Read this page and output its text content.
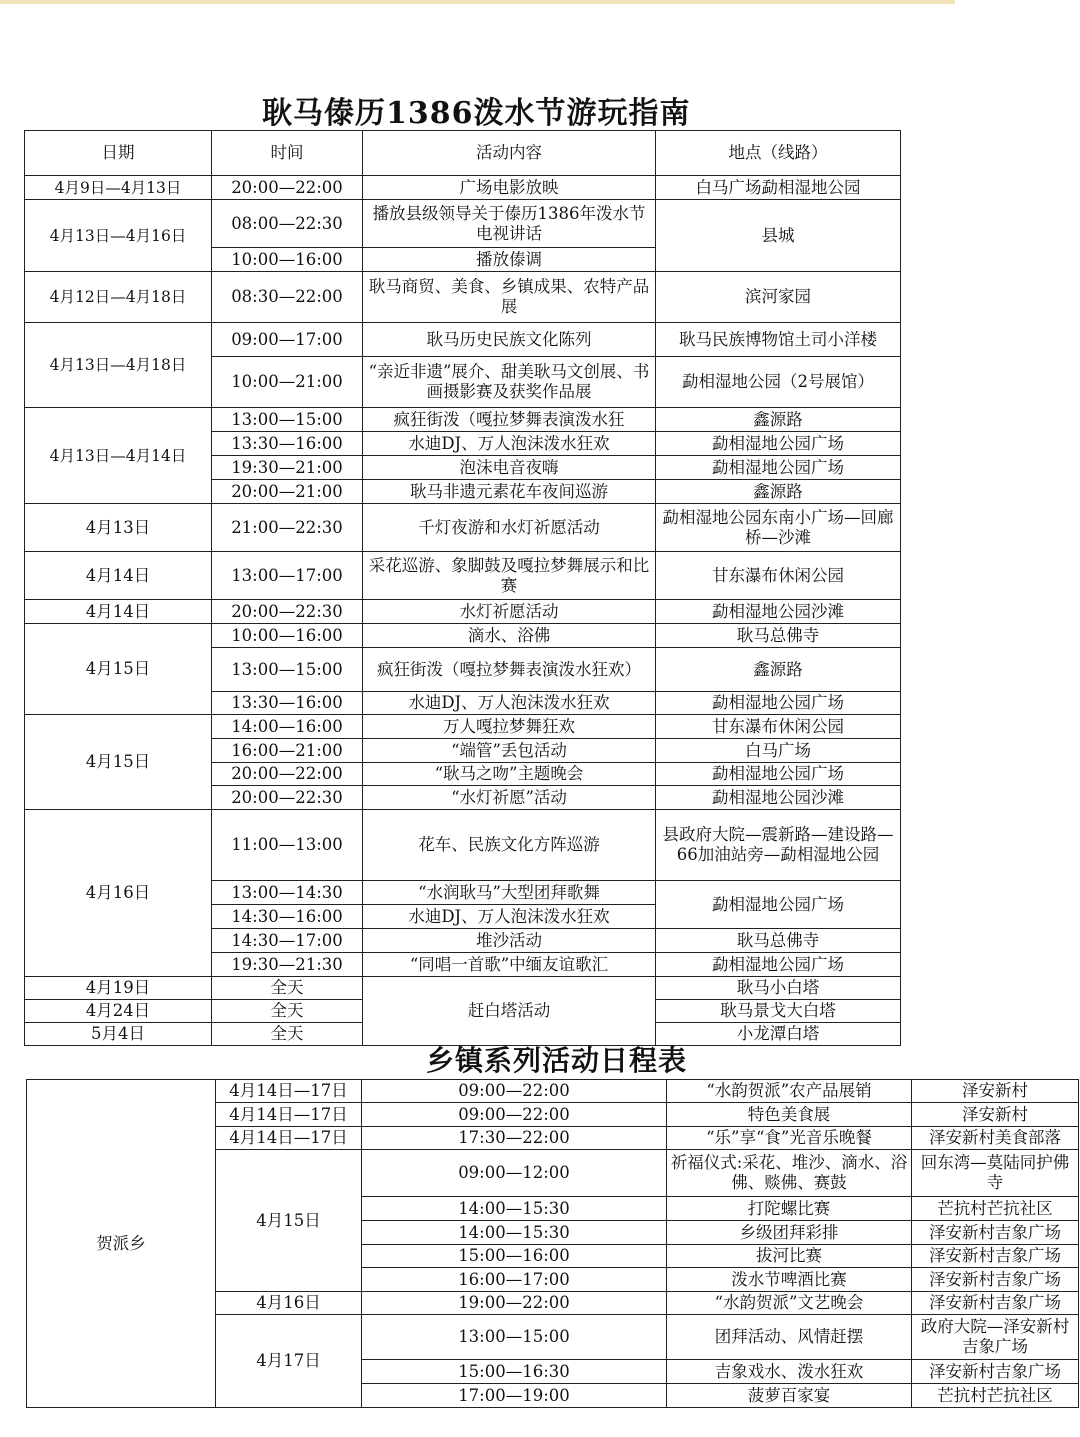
耿马傣历1386泼水节游玩指南
日期	时间	活动内容	地点（线路）
4月9日—4月13日	20:00—22:00	广场电影放映	白马广场勐相湿地公园
4月13日—4月16日	08:00—22:30	播放县级领导关于傣历1386年泼水节电视讲话	县城
	10:00—16:00	播放傣调	
4月12日—4月18日	08:30—22:00	耿马商贸、美食、乡镇成果、农特产品展	滨河家园
4月13日—4月18日	09:00—17:00	耿马历史民族文化陈列	耿马民族博物馆土司小洋楼
	10:00—21:00	“亲近非遗”展介、甜美耿马文创展、书画摄影赛及获奖作品展	勐相湿地公园（2号展馆）
4月13日—4月14日	13:00—15:00	疯狂街泼（嘎拉梦舞表演泼水狂	鑫源路
	13:30—16:00	水迪DJ、万人泡沫泼水狂欢	勐相湿地公园广场
	19:30—21:00	泡沫电音夜嗨	勐相湿地公园广场
	20:00—21:00	耿马非遗元素花车夜间巡游	鑫源路
4月13日	21:00—22:30	千灯夜游和水灯祈愿活动	勐相湿地公园东南小广场—回廊桥—沙滩
4月14日	13:00—17:00	采花巡游、象脚鼓及嘎拉梦舞展示和比赛	甘东瀑布休闲公园
4月14日	20:00—22:30	水灯祈愿活动	勐相湿地公园沙滩
4月15日	10:00—16:00	滴水、浴佛	耿马总佛寺
	13:00—15:00	疯狂街泼（嘎拉梦舞表演泼水狂欢）	鑫源路
	13:30—16:00	水迪DJ、万人泡沫泼水狂欢	勐相湿地公园广场
4月15日	14:00—16:00	万人嘎拉梦舞狂欢	甘东瀑布休闲公园
	16:00—21:00	“端管”丢包活动	白马广场
	20:00—22:00	“耿马之吻”主题晚会	勐相湿地公园广场
	20:00—22:30	“水灯祈愿”活动	勐相湿地公园沙滩
4月16日	11:00—13:00	花车、民族文化方阵巡游	县政府大院—震新路—建设路—66加油站旁—勐相湿地公园
	13:00—14:30	“水润耿马”大型团拜歌舞	勐相湿地公园广场
	14:30—16:00	水迪DJ、万人泡沫泼水狂欢	
	14:30—17:00	堆沙活动	耿马总佛寺
	19:30—21:30	“同唱一首歌”中缅友谊歌汇	勐相湿地公园广场
4月19日	全天	赶白塔活动	耿马小白塔
4月24日	全天		耿马景戈大白塔
5月4日	全天		小龙潭白塔
乡镇系列活动日程表
贺派乡	4月14日—17日	09:00—22:00	“水韵贺派”农产品展销	泽安新村
	4月14日—17日	09:00—22:00	特色美食展	泽安新村
	4月14日—17日	17:30—22:00	“乐”享“食”光音乐晚餐	泽安新村美食部落
	4月15日	09:00—12:00	祈福仪式:采花、堆沙、滴水、浴佛、赕佛、赛鼓	回东湾—莫陆同护佛寺
		14:00—15:30	打陀螺比赛	芒抗村芒抗社区
		14:00—15:30	乡级团拜彩排	泽安新村吉象广场
		15:00—16:00	拔河比赛	泽安新村吉象广场
		16:00—17:00	泼水节啤酒比赛	泽安新村吉象广场
	4月16日	19:00—22:00	“水韵贺派”文艺晚会	泽安新村吉象广场
	4月17日	13:00—15:00	团拜活动、风情赶摆	政府大院—泽安新村吉象广场
		15:00—16:30	吉象戏水、泼水狂欢	泽安新村吉象广场
		17:00—19:00	菠萝百家宴	芒抗村芒抗社区
